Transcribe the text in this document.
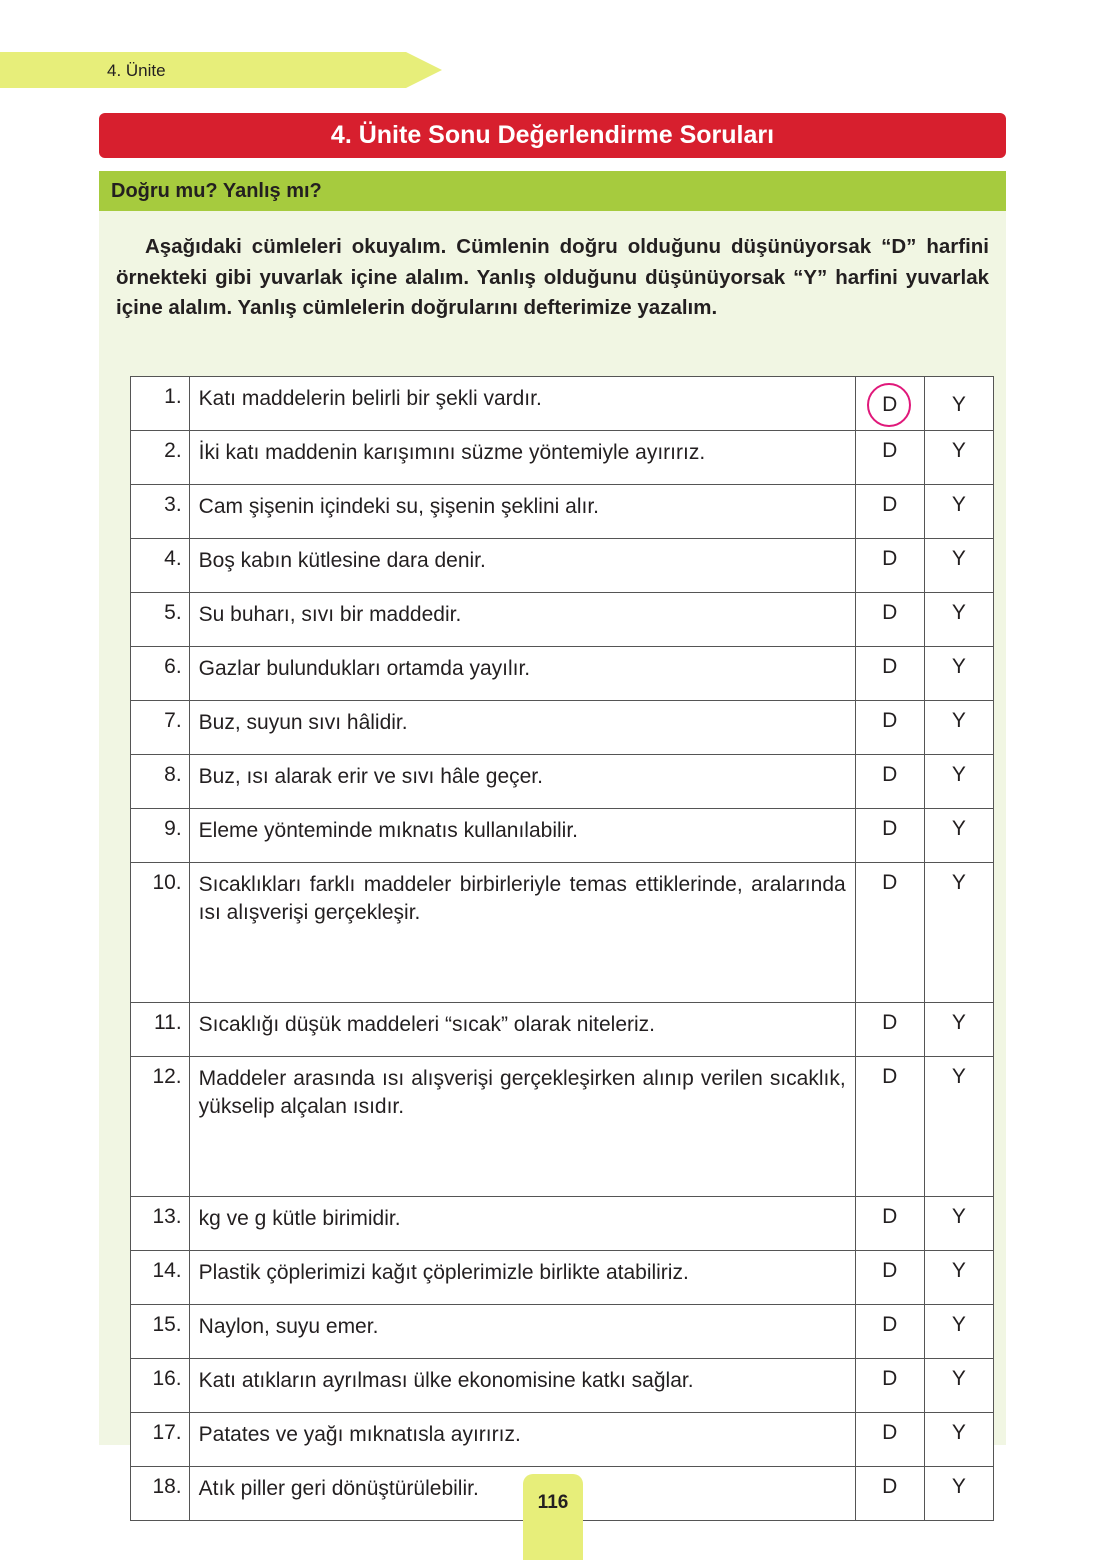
4. Ünite
4. Ünite Sonu Değerlendirme Soruları
Doğru mu? Yanlış mı?

Aşağıdaki cümleleri okuyalım. Cümlenin doğru olduğunu düşünüyorsak “D” harfini örnekteki gibi yuvarlak içine alalım. Yanlış olduğunu düşünüyorsak “Y” harfini yuvarlak içine alalım. Yanlış cümlelerin doğrularını defterimize yazalım.

1.	Katı maddelerin belirli bir şekli vardır.	D	Y
2.	İki katı maddenin karışımını süzme yöntemiyle ayırırız.	D	Y
3.	Cam şişenin içindeki su, şişenin şeklini alır.	D	Y
4.	Boş kabın kütlesine dara denir.	D	Y
5.	Su buharı, sıvı bir maddedir.	D	Y
6.	Gazlar bulundukları ortamda yayılır.	D	Y
7.	Buz, suyun sıvı hâlidir.	D	Y
8.	Buz, ısı alarak erir ve sıvı hâle geçer.	D	Y
9.	Eleme yönteminde mıknatıs kullanılabilir.	D	Y
10.	Sıcaklıkları farklı maddeler birbirleriyle temas ettiklerinde, aralarında ısı alışverişi gerçekleşir.	D	Y
11.	Sıcaklığı düşük maddeleri “sıcak” olarak niteleriz.	D	Y
12.	Maddeler arasında ısı alışverişi gerçekleşirken alınıp verilen sıcaklık, yükselip alçalan ısıdır.	D	Y
13.	kg ve g kütle birimidir.	D	Y
14.	Plastik çöplerimizi kağıt çöplerimizle birlikte atabiliriz.	D	Y
15.	Naylon, suyu emer.	D	Y
16.	Katı atıkların ayrılması ülke ekonomisine katkı sağlar.	D	Y
17.	Patates ve yağı mıknatısla ayırırız.	D	Y
18.	Atık piller geri dönüştürülebilir.	D	Y
116
